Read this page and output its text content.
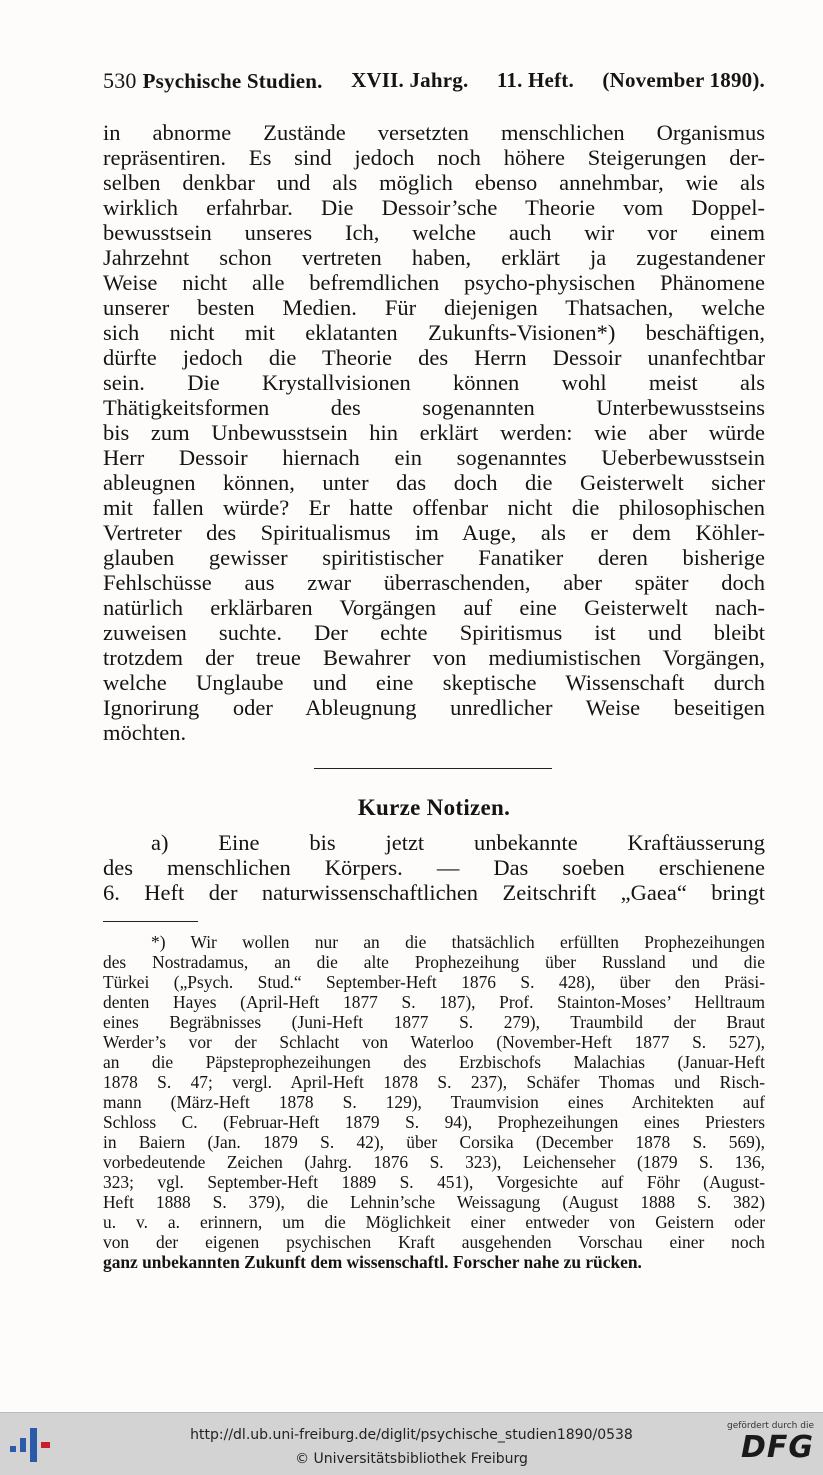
530 Psychische Studien. XVII. Jahrg. 11. Heft. (November 1890).
in abnorme Zustände versetzten menschlichen Organismus
repräsentiren. Es sind jedoch noch höhere Steigerungen der-
selben denkbar und als möglich ebenso annehmbar, wie als
wirklich erfahrbar. Die Dessoir’sche Theorie vom Doppel-
bewusstsein unseres Ich, welche auch wir vor einem
Jahrzehnt schon vertreten haben, erklärt ja zugestandener
Weise nicht alle befremdlichen psycho-physischen Phänomene
unserer besten Medien. Für diejenigen Thatsachen, welche
sich nicht mit eklatanten Zukunfts-Visionen*) beschäftigen,
dürfte jedoch die Theorie des Herrn Dessoir unanfechtbar
sein. Die Krystallvisionen können wohl meist als
Thätigkeitsformen des sogenannten Unterbewusstseins
bis zum Unbewusstsein hin erklärt werden: wie aber würde
Herr Dessoir hiernach ein sogenanntes Ueberbewusstsein
ableugnen können, unter das doch die Geisterwelt sicher
mit fallen würde? Er hatte offenbar nicht die philosophischen
Vertreter des Spiritualismus im Auge, als er dem Köhler-
glauben gewisser spiritistischer Fanatiker deren bisherige
Fehlschüsse aus zwar überraschenden, aber später doch
natürlich erklärbaren Vorgängen auf eine Geisterwelt nach-
zuweisen suchte. Der echte Spiritismus ist und bleibt
trotzdem der treue Bewahrer von mediumistischen Vorgängen,
welche Unglaube und eine skeptische Wissenschaft durch
Ignorirung oder Ableugnung unredlicher Weise beseitigen
möchten.
Kurze Notizen.
a) Eine bis jetzt unbekannte Kraftäusserung
des menschlichen Körpers. — Das soeben erschienene
6. Heft der naturwissenschaftlichen Zeitschrift „Gaea“ bringt
*) Wir wollen nur an die thatsächlich erfüllten Prophezeihungen
des Nostradamus, an die alte Prophezeihung über Russland und die
Türkei („Psych. Stud.“ September-Heft 1876 S. 428), über den Präsi-
denten Hayes (April-Heft 1877 S. 187), Prof. Stainton-Moses’ Helltraum
eines Begräbnisses (Juni-Heft 1877 S. 279), Traumbild der Braut
Werder’s vor der Schlacht von Waterloo (November-Heft 1877 S. 527),
an die Päpsteprophezeihungen des Erzbischofs Malachias (Januar-Heft
1878 S. 47; vergl. April-Heft 1878 S. 237), Schäfer Thomas und Risch-
mann (März-Heft 1878 S. 129), Traumvision eines Architekten auf
Schloss C. (Februar-Heft 1879 S. 94), Prophezeihungen eines Priesters
in Baiern (Jan. 1879 S. 42), über Corsika (December 1878 S. 569),
vorbedeutende Zeichen (Jahrg. 1876 S. 323), Leichenseher (1879 S. 136,
323; vgl. September-Heft 1889 S. 451), Vorgesichte auf Föhr (August-
Heft 1888 S. 379), die Lehnin’sche Weissagung (August 1888 S. 382)
u. v. a. erinnern, um die Möglichkeit einer entweder von Geistern oder
von der eigenen psychischen Kraft ausgehenden Vorschau einer noch
ganz unbekannten Zukunft dem wissenschaftl. Forscher nahe zu rücken.
http://dl.ub.uni-freiburg.de/diglit/psychische_studien1890/0538
© Universitätsbibliothek Freiburg
gefördert durch die
DFG
